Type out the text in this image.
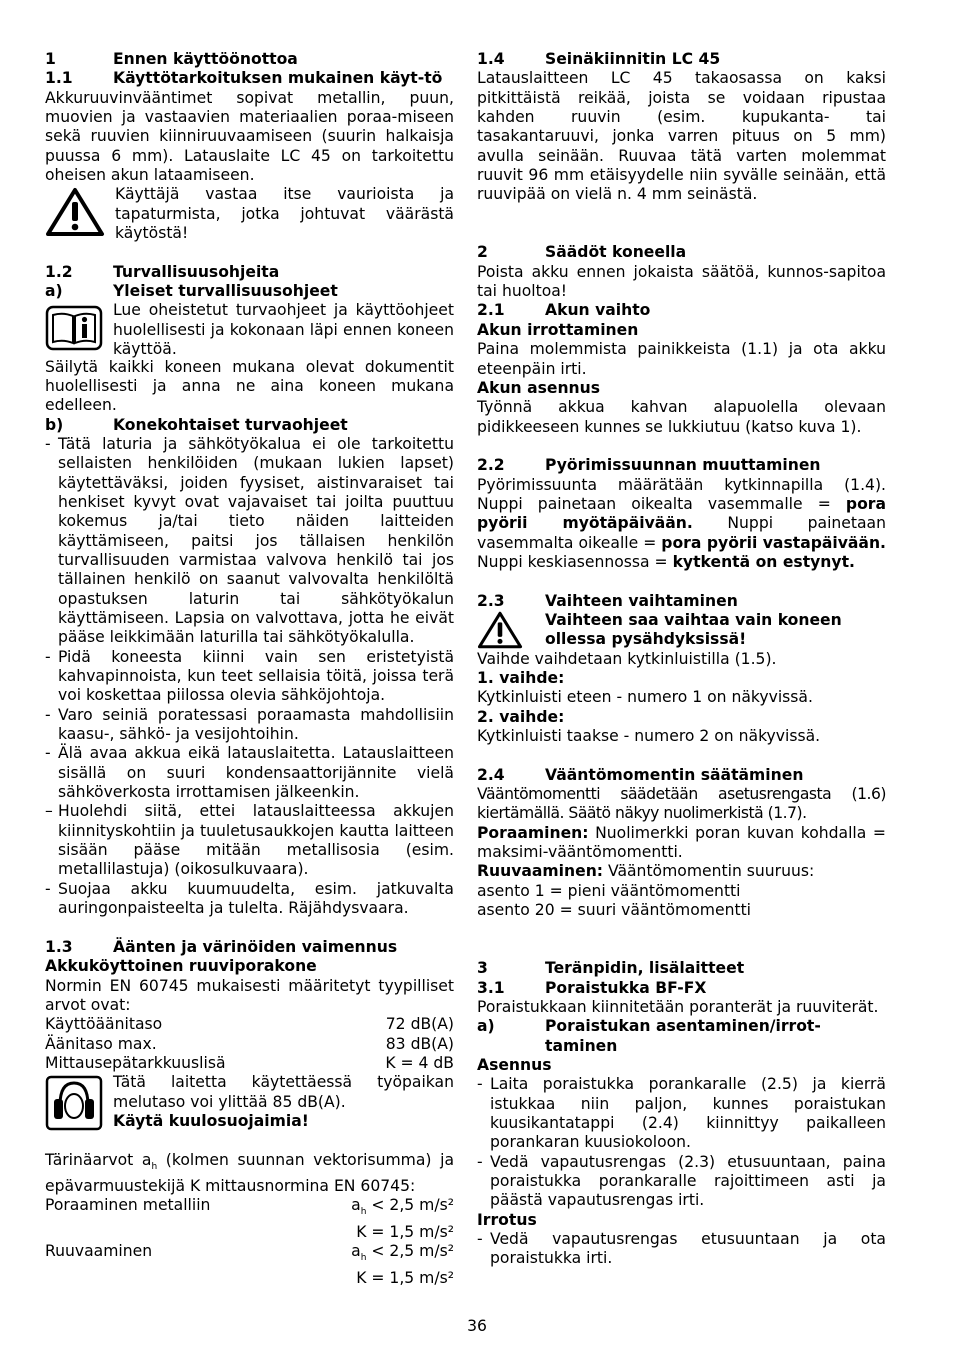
1	Ennen käyttöönottoa
1.1	Käyttötarkoituksen mukainen käyt-tö
Akkuruuvinvääntimet sopivat metallin, puun, muovien ja vastaavien materiaalien poraa-miseen sekä ruuvien kiinniruuvaamiseen (suurin halkaisja puussa 6 mm). Latauslaite LC 45 on tarkoitettu oheisen akun lataamiseen.
Käyttäjä vastaa itse vaurioista ja tapaturmista, jotka johtuvat väärästä käytöstä!
1.2	Turvallisuusohjeita
a)	Yleiset turvallisuusohjeet
Lue oheistetut turvaohjeet ja käyttöohjeet huolellisesti ja kokonaan läpi ennen koneen käyttöä.
Säilytä kaikki koneen mukana olevat dokumentit huolellisesti ja anna ne aina koneen mukana edelleen.
b)	Konekohtaiset turvaohjeet
- Tätä laturia ja sähkötyökalua ei ole tarkoitettu sellaisten henkilöiden (mukaan lukien lapset) käytettäväksi, joiden fyysiset, aistinvaraiset tai henkiset kyvyt ovat vajavaiset tai joilta puuttuu kokemus ja/tai tieto näiden laitteiden käyttämiseen, paitsi jos tällaisen henkilön turvallisuuden varmistaa valvova henkilö tai jos tällainen henkilö on saanut valvovalta henkilöltä opastuksen laturin tai sähkötyökalun käyttämiseen. Lapsia on valvottava, jotta he eivät pääse leikkimään laturilla tai sähkötyökalulla.
- Pidä koneesta kiinni vain sen eristetyistä kahvapinnoista, kun teet sellaisia töitä, joissa terä voi koskettaa piilossa olevia sähköjohtoja.
- Varo seiniä poratessasi poraamasta mahdollisiin kaasu-, sähkö- ja vesijohtoihin.
- Älä avaa akkua eikä latauslaitetta. Latauslaitteen sisällä on suuri kondensaattorijännite vielä sähköverkosta irrottamisen jälkeenkin.
– Huolehdi siitä, ettei latauslaitteessa akkujen kiinnityskohtiin ja tuuletusaukkojen kautta laitteen sisään pääse mitään metallisosia (esim. metallilastuja) (oikosulkuvaara).
- Suojaa akku kuumuudelta, esim. jatkuvalta auringonpaisteelta ja tulelta. Räjähdysvaara.
1.3	Äänten ja värinöiden vaimennus
Akkuköyttoinen ruuviporakone
Normin EN 60745 mukaisesti määritetyt tyypilliset arvot ovat:
Käyttöäänitaso	72 dB(A)
Äänitaso max.	83 dB(A)
Mittausepätarkkuuslisä	K = 4 dB
Tätä laitetta käytettäessä työpaikan melutaso voi ylittää 85 dB(A).
Käytä kuulosuojaimia!
Tärinäarvot $a_h$ (kolmen suunnan vektorisumma) ja epävarmuustekijä K mittausnormina EN 60745:
Poraaminen metalliin	$a_h < 2,5$ m/s²
K = 1,5 m/s²
Ruuvaaminen	$a_h < 2,5$ m/s²
K = 1,5 m/s²
1.4	Seinäkiinnitin LC 45
Latauslaitteen LC 45 takaosassa on kaksi pitkittäistä reikää, joista se voidaan ripustaa kahden ruuvin (esim. kupukanta- tai tasakantaruuvi, jonka varren pituus on 5 mm) avulla seinään. Ruuvaa tätä varten molemmat ruuvit 96 mm etäisyydelle niin syvälle seinään, että ruuvipää on vielä n. 4 mm seinästä.
2	Säädöt koneella
Poista akku ennen jokaista säätöä, kunnos-sapitoa tai huoltoa!
2.1	Akun vaihto
Akun irrottaminen
Paina molemmista painikkeista (1.1) ja ota akku eteenpäin irti.
Akun asennus
Työnnä akkua kahvan alapuolella olevaan pidikkeeseen kunnes se lukkiutuu (katso kuva 1).
2.2	Pyörimissuunnan muuttaminen
Pyörimissuunta määrätään kytkinnapilla (1.4). Nuppi painetaan oikealta vasemmalle = pora pyörii myötäpäivään. Nuppi painetaan vasemmalta oikealle = pora pyörii vastapäivään. Nuppi keskiasennossa = kytkentä on estynyt.
2.3	Vaihteen vaihtaminen
Vaihteen saa vaihtaa vain koneen ollessa pysähdyksissä!
Vaihde vaihdetaan kytkinluistilla (1.5).
1. vaihde:
Kytkinluisti eteen - numero 1 on näkyvissä.
2. vaihde:
Kytkinluisti taakse - numero 2 on näkyvissä.
2.4	Vääntömomentin säätäminen
Vääntömomentti säädetään asetusrengasta (1.6) kiertämällä. Säätö näkyy nuolimerkistä (1.7).
Poraaminen: Nuolimerkki poran kuvan kohdalla = maksimi-vääntömomentti.
Ruuvaaminen: Vääntömomentin suuruus:
asento 1 = pieni vääntömomentti
asento 20 = suuri vääntömomentti
3	Teränpidin, lisälaitteet
3.1	Poraistukka BF-FX
Poraistukkaan kiinnitetään poranterät ja ruuviterät.
a)	Poraistukan asentaminen/irrot-taminen
Asennus
- Laita poraistukka porankaralle (2.5) ja kierrä istukkaa niin paljon, kunnes poraistukan kuusikantatappi (2.4) kiinnittyy paikalleen porankaran kuusiokoloon.
- Vedä vapautusrengas (2.3) etusuuntaan, paina poraistukka porankaralle rajoittimeen asti ja päästä vapautusrengas irti.
Irrotus
- Vedä vapautusrengas etusuuntaan ja ota poraistukka irti.
36
